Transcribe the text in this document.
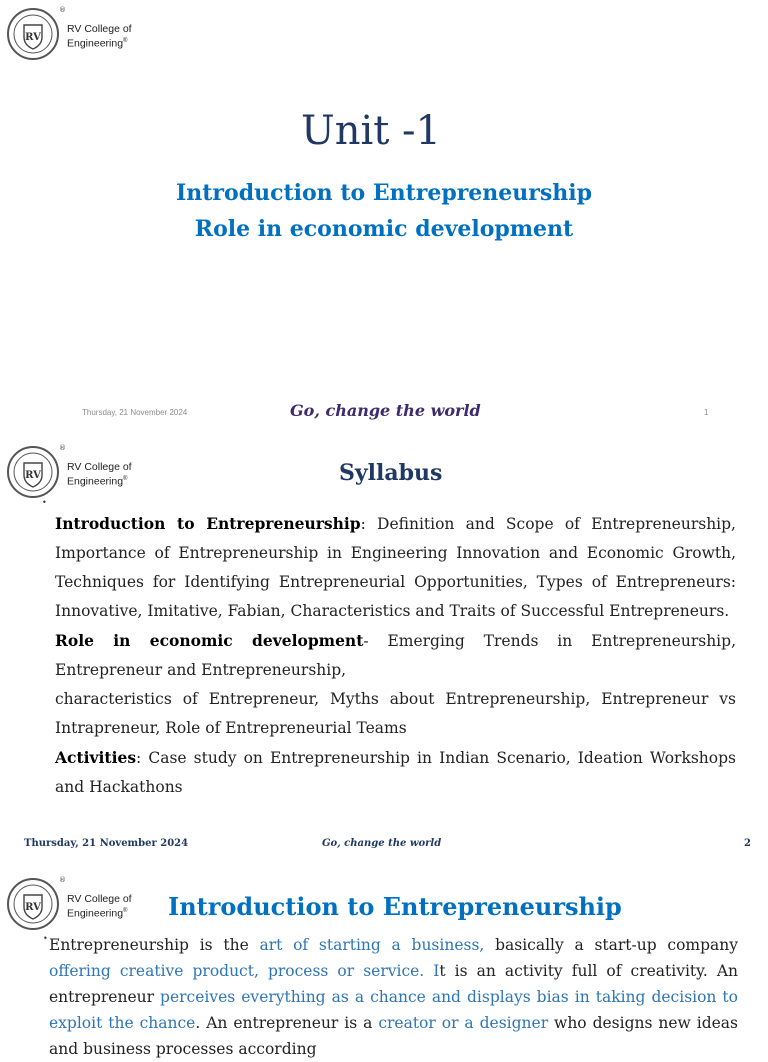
RV
®
RV College of
Engineering®
Unit -1
Introduction to Entrepreneurship
Role in economic development
Thursday, 21 November 2024	Go, change the world	1
RV
®
RV College of
Engineering®	Syllabus
•

Introduction to Entrepreneurship: Definition and Scope of Entrepreneurship, Importance of Entrepreneurship in Engineering Innovation and Economic Growth, Techniques for Identifying Entrepreneurial Opportunities, Types of Entrepreneurs: Innovative, Imitative, Fabian, Characteristics and Traits of Successful Entrepreneurs.

Role in economic development- Emerging Trends in Entrepreneurship, Entrepreneur and Entrepreneurship,

characteristics of Entrepreneur, Myths about Entrepreneurship, Entrepreneur vs Intrapreneur, Role of Entrepreneurial Teams

Activities: Case study on Entrepreneurship in Indian Scenario, Ideation Workshops and Hackathons

Thursday, 21 November 2024	Go, change the world	2
RV
®
RV College of
Engineering® Introduction to Entrepreneurship
• Entrepreneurship is the art of starting a business, basically a start-up company offering creative product, process or service. It is an activity full of creativity. An entrepreneur perceives everything as a chance and displays bias in taking decision to exploit the chance. An entrepreneur is a creator or a designer who designs new ideas and business processes according
